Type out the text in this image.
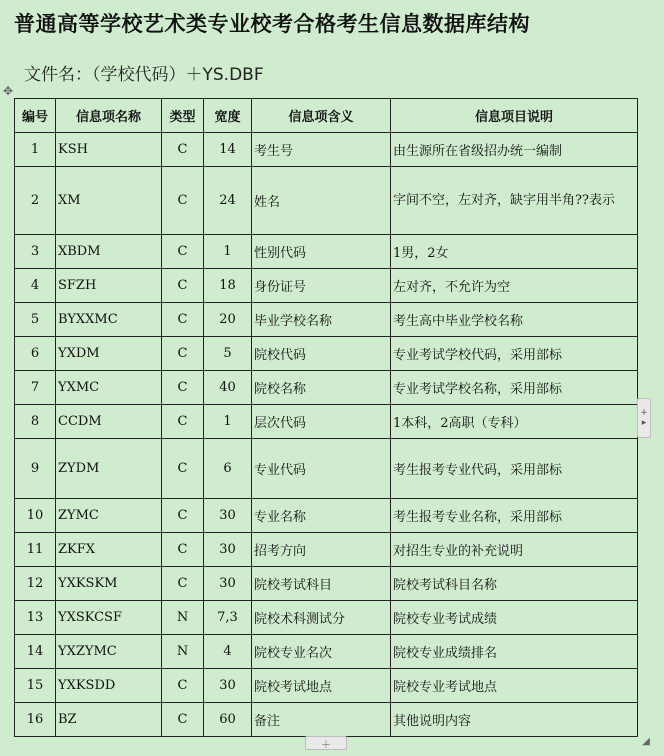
普通高等学校艺术类专业校考合格考生信息数据库结构
文件名：（学校代码）＋YS.DBF
✥
编号	信息项名称	类型	宽度	信息项含义	信息项目说明
1	KSH	C	14	考生号	由生源所在省级招办统一编制
2	XM	C	24	姓名	字间不空，左对齐，缺字用半角??表示
3	XBDM	C	1	性别代码	1男，2女
4	SFZH	C	18	身份证号	左对齐，不允许为空
5	BYXXMC	C	20	毕业学校名称	考生高中毕业学校名称
6	YXDM	C	5	院校代码	专业考试学校代码，采用部标
7	YXMC	C	40	院校名称	专业考试学校名称，采用部标
8	CCDM	C	1	层次代码	1本科，2高职（专科）
9	ZYDM	C	6	专业代码	考生报考专业代码，采用部标
10	ZYMC	C	30	专业名称	考生报考专业名称，采用部标
11	ZKFX	C	30	招考方向	对招生专业的补充说明
12	YXKSKM	C	30	院校考试科目	院校考试科目名称
13	YXSKCSF	N	7,3	院校术科测试分	院校专业考试成绩
14	YXZYMC	N	4	院校专业名次	院校专业成绩排名
15	YXKSDD	C	30	院校考试地点	院校专业考试地点
16	BZ	C	60	备注	其他说明内容
+
▸
＋	◢
